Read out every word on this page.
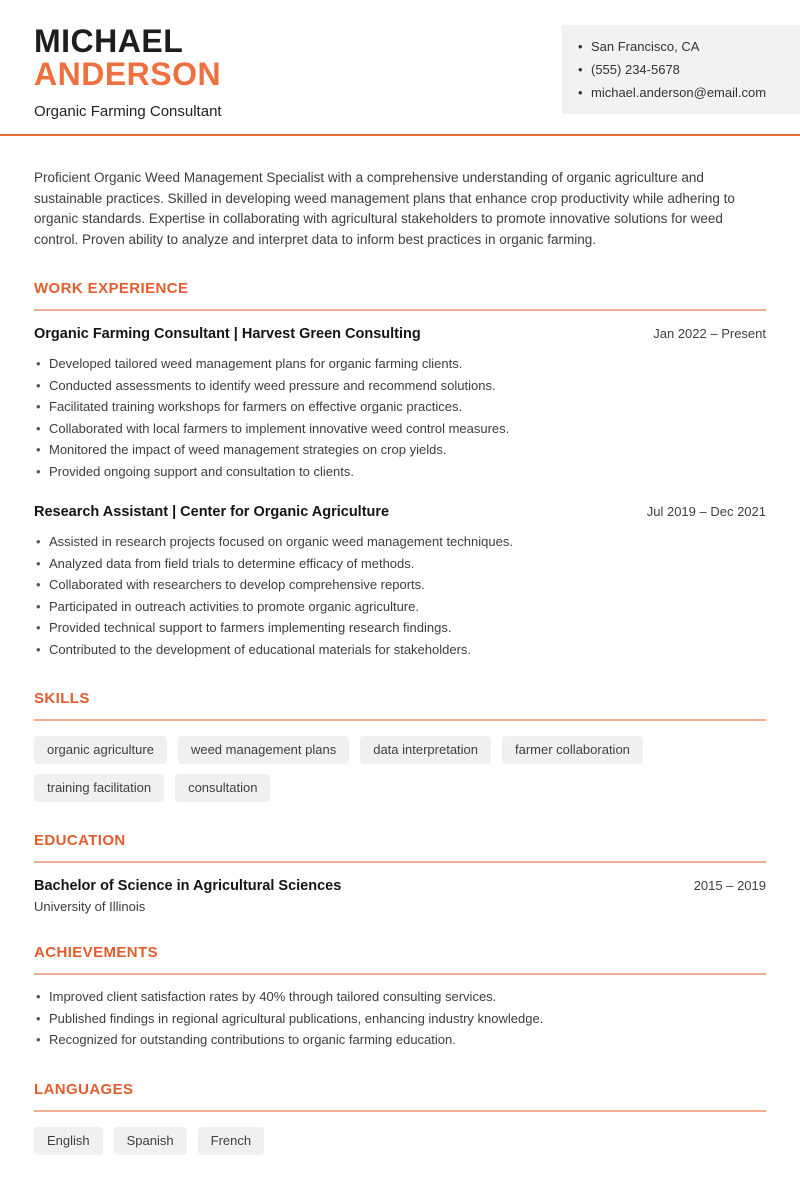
MICHAEL
ANDERSON
Organic Farming Consultant
• San Francisco, CA
• (555) 234-5678
• michael.anderson@email.com

Proficient Organic Weed Management Specialist with a comprehensive understanding of organic agriculture and sustainable practices. Skilled in developing weed management plans that enhance crop productivity while adhering to organic standards. Expertise in collaborating with agricultural stakeholders to promote innovative solutions for weed control. Proven ability to analyze and interpret data to inform best practices in organic farming.

WORK EXPERIENCE
Organic Farming Consultant | Harvest Green Consulting	Jan 2022 – Present
• Developed tailored weed management plans for organic farming clients.
• Conducted assessments to identify weed pressure and recommend solutions.
• Facilitated training workshops for farmers on effective organic practices.
• Collaborated with local farmers to implement innovative weed control measures.
• Monitored the impact of weed management strategies on crop yields.
• Provided ongoing support and consultation to clients.
Research Assistant | Center for Organic Agriculture	Jul 2019 – Dec 2021
• Assisted in research projects focused on organic weed management techniques.
• Analyzed data from field trials to determine efficacy of methods.
• Collaborated with researchers to develop comprehensive reports.
• Participated in outreach activities to promote organic agriculture.
• Provided technical support to farmers implementing research findings.
• Contributed to the development of educational materials for stakeholders.
SKILLS
organic agriculture	weed management plans	data interpretation	farmer collaboration
training facilitation	consultation
EDUCATION
Bachelor of Science in Agricultural Sciences	2015 – 2019
University of Illinois
ACHIEVEMENTS
• Improved client satisfaction rates by 40% through tailored consulting services.
• Published findings in regional agricultural publications, enhancing industry knowledge.
• Recognized for outstanding contributions to organic farming education.
LANGUAGES
English	Spanish	French
